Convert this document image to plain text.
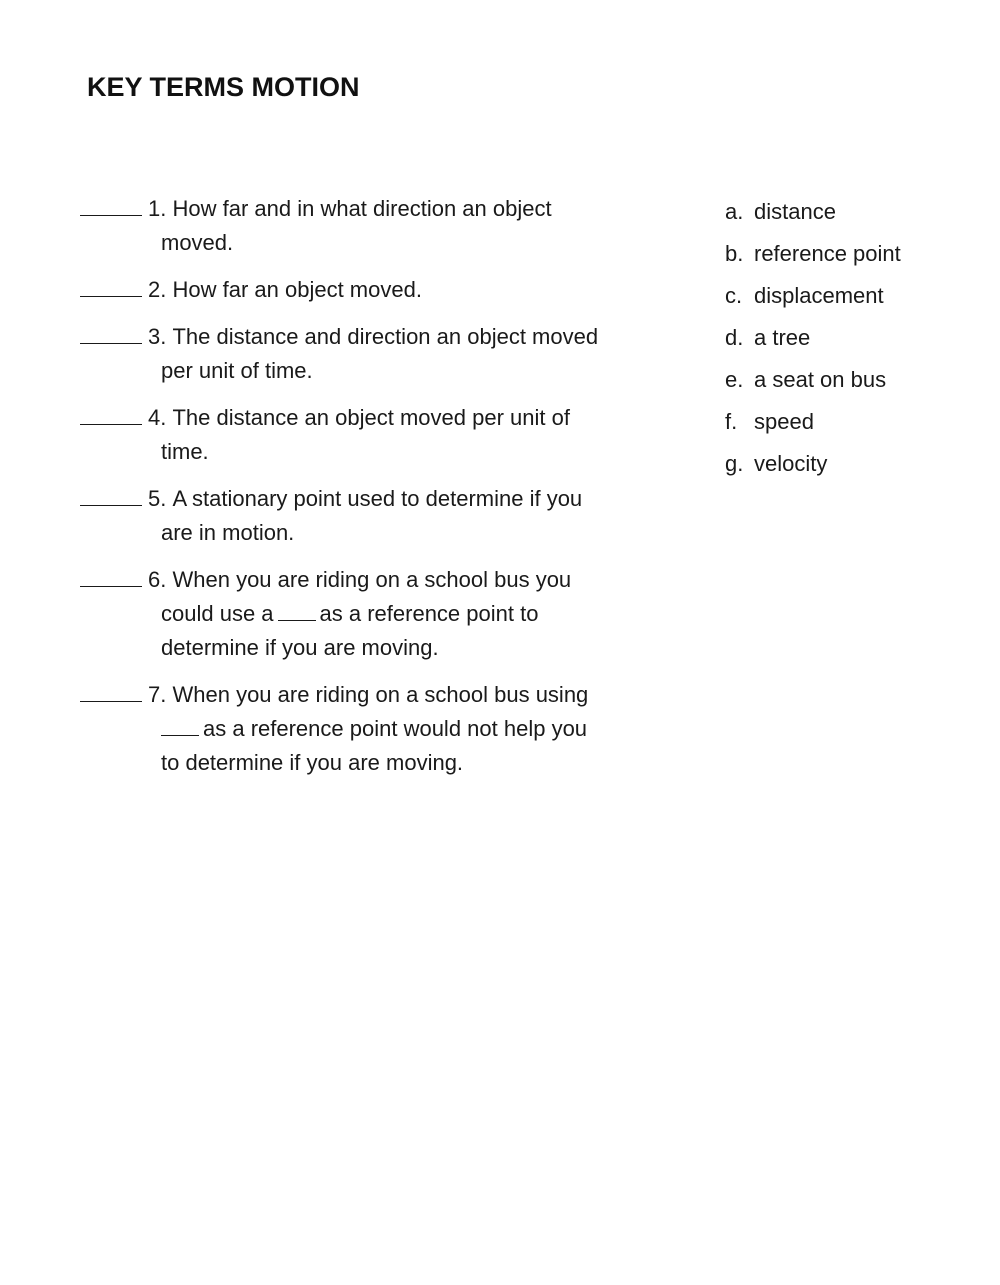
KEY TERMS MOTION
1.
How far and in what direction an object
moved.
2.
How far an object moved.
3.
The distance and direction an object moved
per unit of time.
4.
The distance an object moved per unit of
time.
5.
A stationary point used to determine if you
are in motion.
6.
When you are riding on a school bus you
could use a as a reference point to
determine if you are moving.
7.
When you are riding on a school bus using
as a reference point would not help you
to determine if you are moving.
a. distance
b. reference point
c. displacement
d. a tree
e. a seat on bus
f. speed
g. velocity
